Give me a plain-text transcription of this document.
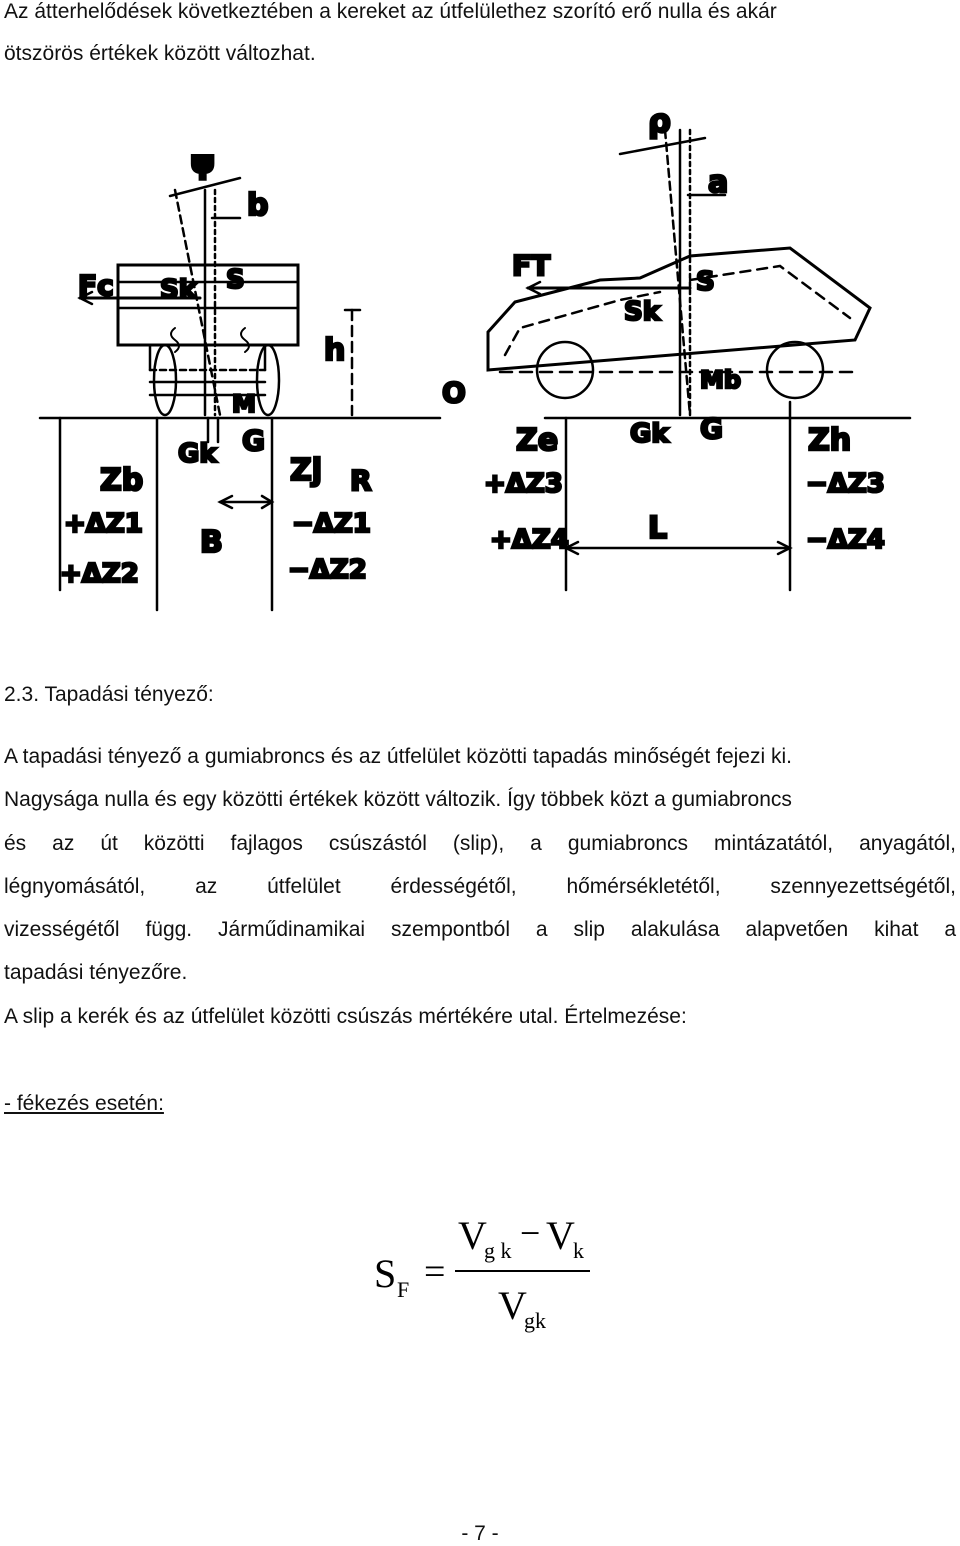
Az átterhelődések következtében a kereket az útfelülethez szorító erő nulla és akár
ötszörös értékek között változhat.
ψ
b
ρ
a
Fc Sk S
h
M
Gk G
Zb	Zj R
O
FT	S
Sk
Mb
Gk G
Ze	Zh
L
B
+ΔZ1
+ΔZ2
−ΔZ1
−ΔZ2
+ΔZ3
+ΔZ4
−ΔZ3
−ΔZ4
2.3. Tapadási tényező:
A tapadási tényező a gumiabroncs és az útfelület közötti tapadás minőségét fejezi ki.
Nagysága nulla és egy közötti értékek között változik. Így többek közt a gumiabroncs
és az út közötti fajlagos csúszástól (slip), a gumiabroncs mintázatától, anyagától,
légnyomásától, az útfelület érdességétől, hőmérsékletétől, szennyezettségétől,
vizességétől függ. Járműdinamikai szempontból a slip alakulása alapvetően kihat a
tapadási tényezőre.
A slip a kerék és az útfelület közötti csúszás mértékére utal. Értelmezése:
- fékezés esetén:
S F =
V
g k − V
k
V
gk
- 7 -
